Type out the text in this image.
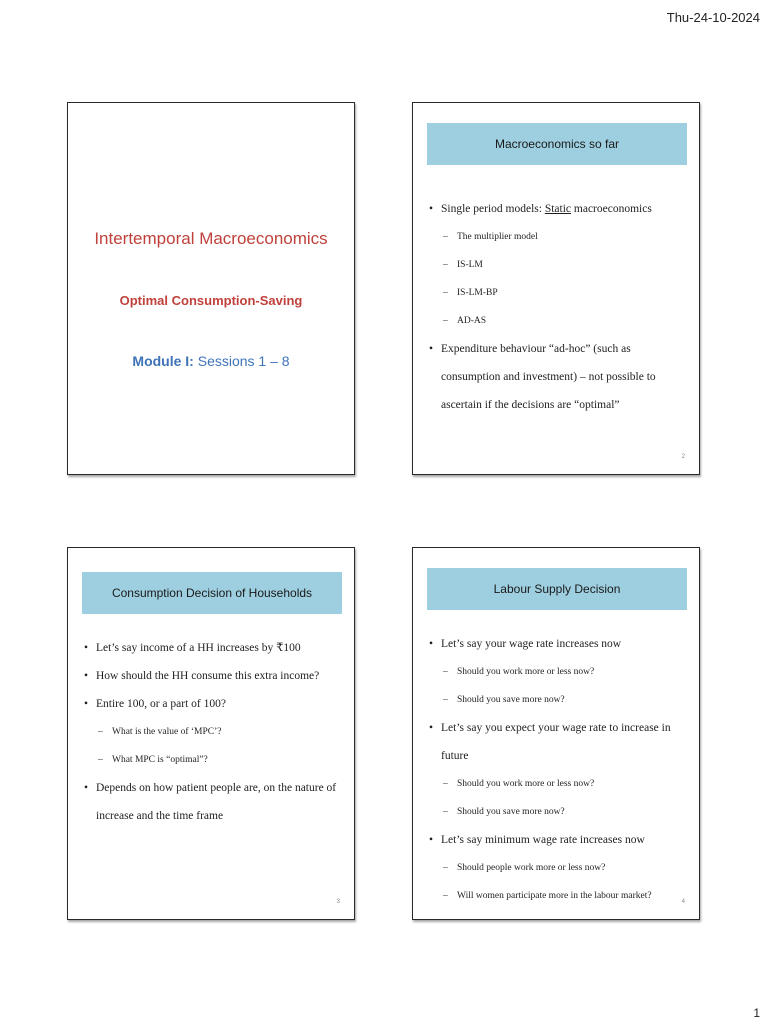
Thu-24-10-2024
Intertemporal Macroeconomics
Optimal Consumption-Saving
Module I: Sessions 1 – 8
Macroeconomics so far
• Single period models: Static macroeconomics
– The multiplier model
– IS-LM
– IS-LM-BP
– AD-AS
• Expenditure behaviour “ad-hoc” (such as consumption and investment) – not possible to ascertain if the decisions are “optimal”
2
Consumption Decision of Households
• Let’s say income of a HH increases by ₹100
• How should the HH consume this extra income?
• Entire 100, or a part of 100?
– What is the value of ‘MPC’?
– What MPC is “optimal”?
• Depends on how patient people are, on the nature of increase and the time frame
3
Labour Supply Decision
• Let’s say your wage rate increases now
– Should you work more or less now?
– Should you save more now?
• Let’s say you expect your wage rate to increase in future
– Should you work more or less now?
– Should you save more now?
• Let’s say minimum wage rate increases now
– Should people work more or less now?
– Will women participate more in the labour market?
4
1
